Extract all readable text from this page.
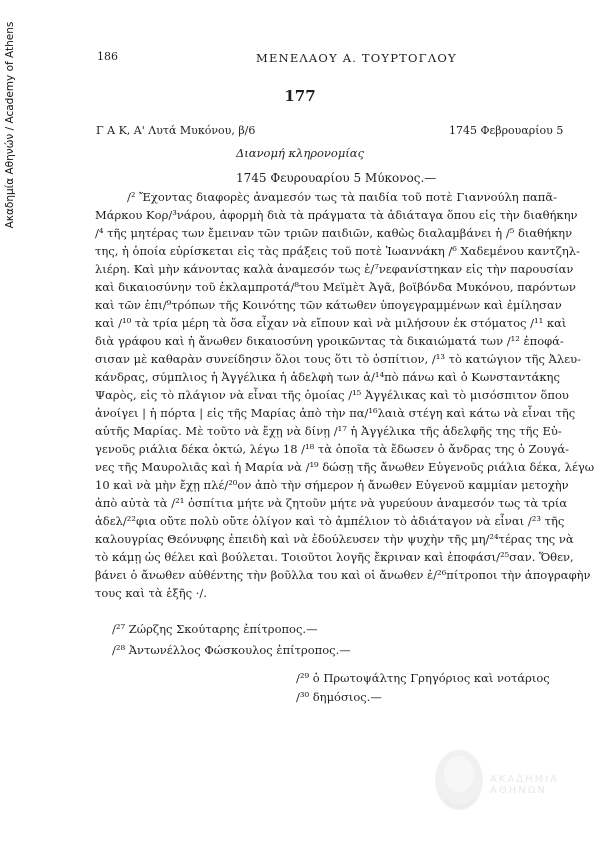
Ακαδημία Αθηνών / Academy of Athens	186	ΜΕΝΕΛΑΟΥ Α. ΤΟΥΡΤΟΓΛΟΥ
177
Γ Α Κ, Α' Λυτά Μυκόνου, β/6	1745 Φεβρουαρίου 5
Διανομή κληρονομίας
1745 Φευρουαρίου 5 Μύκονος.—
/² Ἔχοντας διαφορὲς ἀναμεσόν τως τὰ παιδία τοῦ ποτὲ Γιαννούλη παπᾶ-
Μάρκου Κορ/³νάρου, ἀφορμὴ διὰ τὰ πράγματα τὰ ἀδιάταγα ὅπου εἰς τὴν διαθήκην
/⁴ τῆς μητέρας των ἔμειναν τῶν τριῶν παιδιῶν, καθὼς διαλαμβάνει ἡ /⁵ διαθήκην
της, ἡ ὁποία εὑρίσκεται εἰς τὰς πράξεις τοῦ ποτὲ Ἰωαννάκη /⁶ Χαδεμένου καντζηλ-
λιέρη. Καὶ μὴν κάνοντας καλὰ ἀναμεσόν τως ἐ/⁷νεφανίστηκαν εἰς τὴν παρουσίαν
καὶ δικαιοσύνην τοῦ ἐκλαμπροτά/⁸του Μεϊμὲτ Ἀγᾶ, βοϊβόνδα Μυκόνου, παρόντων
καὶ τῶν ἐπι/⁹τρόπων τῆς Κοινότης τῶν κάτωθεν ὑπογεγραμμένων καὶ ἐμίλησαν
καὶ /¹⁰ τὰ τρία μέρη τὰ ὅσα εἶχαν νὰ εἴπουν καὶ νὰ μιλήσουν ἐκ στόματος /¹¹ καὶ
διὰ γράφου καὶ ἡ ἄνωθεν δικαιοσύνη γροικῶντας τὰ δικαιώματά των /¹² ἐποφά-
σισαν μὲ καθαρὰν συνείδησιν ὅλοι τους ὅτι τὸ ὀσπίτιον, /¹³ τὸ κατώγιον τῆς Ἀλευ-
κάνδρας, σύμπλιος ἡ Ἀγγέλικα ἡ ἀδελφὴ των ἀ/¹⁴πὸ πάνω καὶ ὁ Κωνσταντάκης
Ψαρὸς, εἰς τὸ πλάγιον νὰ εἶναι τῆς ὁμοίας /¹⁵ Ἀγγέλικας καὶ τὸ μισόσπιτον ὅπου
ἀνοίγει | ἡ πόρτα | εἰς τῆς Μαρίας ἀπὸ τὴν πα/¹⁶λαιὰ στέγη καὶ κάτω νὰ εἶναι τῆς
αὐτῆς Μαρίας. Μὲ τοῦτο νὰ ἔχῃ νὰ δίνῃ /¹⁷ ἡ Ἀγγέλικα τῆς ἀδελφῆς της τῆς Εὐ-
γενοῦς ριάλια δέκα ὀκτώ, λέγω 18 /¹⁸ τὰ ὁποῖα τὰ ἔδωσεν ὁ ἄνδρας της ὁ Ζουγά-
νες τῆς Μαυρολιᾶς καὶ ἡ Μαρία νὰ /¹⁹ δώσῃ τῆς ἄνωθεν Εὐγενοῦς ριάλια δέκα, λέγω
10 καὶ νὰ μὴν ἔχῃ πλέ/²⁰ον ἀπὸ τὴν σήμερον ἡ ἄνωθεν Εὐγενοῦ καμμίαν μετοχὴν
ἀπὸ αὐτὰ τὰ /²¹ ὀσπίτια μήτε νὰ ζητοῦν μήτε νὰ γυρεύουν ἀναμεσόν τως τὰ τρία
ἀδελ/²²φια οὔτε πολὺ οὔτε ὀλίγον καὶ τὸ ἀμπέλιον τὸ ἀδιάταγον νὰ εἶναι /²³ τῆς
καλουγρίας Θεόνυφης ἐπειδὴ καὶ νὰ ἐδούλευσεν τὴν ψυχὴν τῆς μη/²⁴τέρας της νὰ
τὸ κάμῃ ὡς θέλει καὶ βούλεται. Τοιοῦτοι λογῆς ἔκριναν καὶ ἐποφάσι/²⁵σαν. Ὅθεν,
βάνει ὁ ἄνωθεν αὐθέντης τὴν βοῦλλα του καὶ οἱ ἄνωθεν ἐ/²⁶πίτροποι τὴν ἀπογραφὴν
τους καὶ τὰ ἑξῆς ·/.
/²⁷ Ζώρζης Σκούταρης ἐπίτροπος.—
/²⁸ Ἀντωνέλλος Φώσκουλος ἐπίτροπος.—
/²⁹ ὁ Πρωτοψάλτης Γρηγόριος καὶ νοτάριος
/³⁰ δημόσιος.—
ΑΚΑΔΗΜΙΑ ΑΘΗΝΩΝ
